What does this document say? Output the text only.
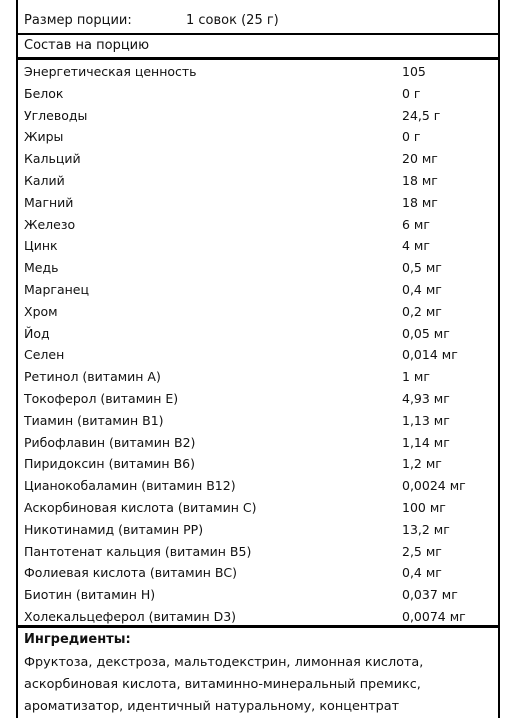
Размер порции:	1 совок (25 г)
Состав на порцию
Энергетическая ценность	105
Белок	0 г
Углеводы	24,5 г
Жиры	0 г
Кальций	20 мг
Калий	18 мг
Магний	18 мг
Железо	6 мг
Цинк	4 мг
Медь	0,5 мг
Марганец	0,4 мг
Хром	0,2 мг
Йод	0,05 мг
Селен	0,014 мг
Ретинол (витамин А)	1 мг
Токоферол (витамин Е)	4,93 мг
Тиамин (витамин В1)	1,13 мг
Рибофлавин (витамин В2)	1,14 мг
Пиридоксин (витамин В6)	1,2 мг
Цианокобаламин (витамин В12)	0,0024 мг
Аскорбиновая кислота (витамин С)	100 мг
Никотинамид (витамин РР)	13,2 мг
Пантотенат кальция (витамин В5)	2,5 мг
Фолиевая кислота (витамин ВС)	0,4 мг
Биотин (витамин Н)	0,037 мг
Холекальцеферол (витамин D3)	0,0074 мг
Ингредиенты:
Фруктоза, декстроза, мальтодекстрин, лимонная кислота, аскорбиновая кислота, витаминно-минеральный премикс, ароматизатор, идентичный натуральному, концентрат
